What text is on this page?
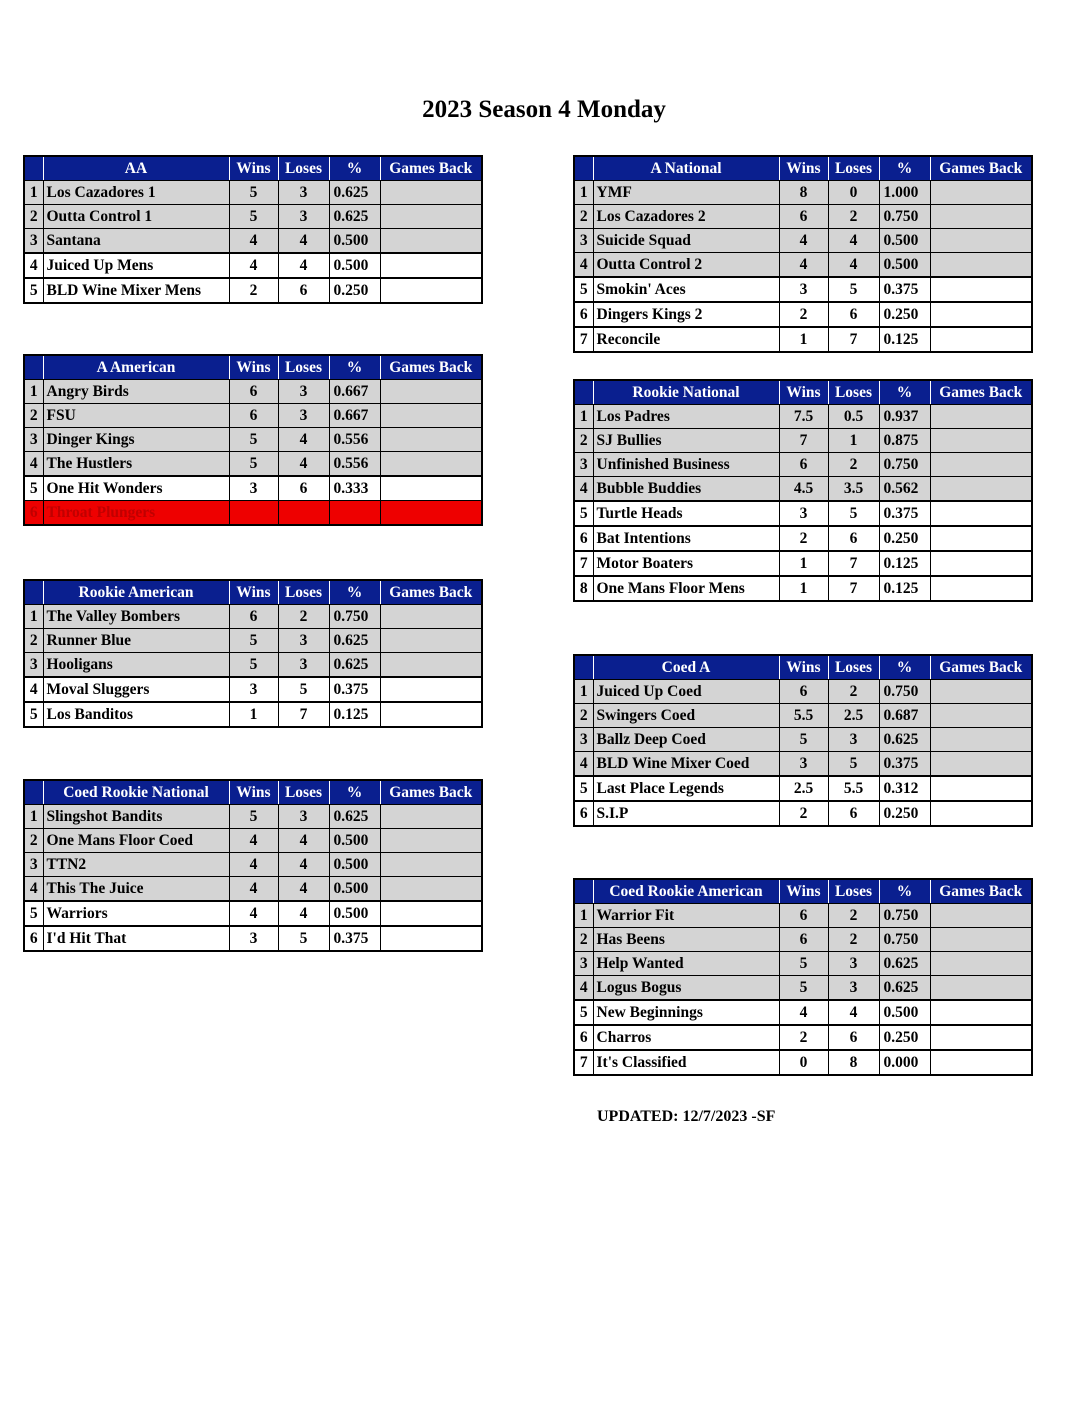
2023 Season 4 Monday
	AA	Wins	Loses	%	Games Back
1	Los Cazadores 1	5	3	0.625	
2	Outta Control 1	5	3	0.625	
3	Santana	4	4	0.500	
4	Juiced Up Mens	4	4	0.500	
5	BLD Wine Mixer Mens	2	6	0.250	
	A American	Wins	Loses	%	Games Back
1	Angry Birds	6	3	0.667	
2	FSU	6	3	0.667	
3	Dinger Kings	5	4	0.556	
4	The Hustlers	5	4	0.556	
5	One Hit Wonders	3	6	0.333	
6	Throat Plungers				
	Rookie American	Wins	Loses	%	Games Back
1	The Valley Bombers	6	2	0.750	
2	Runner Blue	5	3	0.625	
3	Hooligans	5	3	0.625	
4	Moval Sluggers	3	5	0.375	
5	Los Banditos	1	7	0.125	
	Coed Rookie National	Wins	Loses	%	Games Back
1	Slingshot Bandits	5	3	0.625	
2	One Mans Floor Coed	4	4	0.500	
3	TTN2	4	4	0.500	
4	This The Juice	4	4	0.500	
5	Warriors	4	4	0.500	
6	I'd Hit That	3	5	0.375	
	A National	Wins	Loses	%	Games Back
1	YMF	8	0	1.000	
2	Los Cazadores 2	6	2	0.750	
3	Suicide Squad	4	4	0.500	
4	Outta Control 2	4	4	0.500	
5	Smokin' Aces	3	5	0.375	
6	Dingers Kings 2	2	6	0.250	
7	Reconcile	1	7	0.125	
	Rookie National	Wins	Loses	%	Games Back
1	Los Padres	7.5	0.5	0.937	
2	SJ Bullies	7	1	0.875	
3	Unfinished Business	6	2	0.750	
4	Bubble Buddies	4.5	3.5	0.562	
5	Turtle Heads	3	5	0.375	
6	Bat Intentions	2	6	0.250	
7	Motor Boaters	1	7	0.125	
8	One Mans Floor Mens	1	7	0.125	
	Coed A	Wins	Loses	%	Games Back
1	Juiced Up Coed	6	2	0.750	
2	Swingers Coed	5.5	2.5	0.687	
3	Ballz Deep Coed	5	3	0.625	
4	BLD Wine Mixer Coed	3	5	0.375	
5	Last Place Legends	2.5	5.5	0.312	
6	S.I.P	2	6	0.250	
	Coed Rookie American	Wins	Loses	%	Games Back
1	Warrior Fit	6	2	0.750	
2	Has Beens	6	2	0.750	
3	Help Wanted	5	3	0.625	
4	Logus Bogus	5	3	0.625	
5	New Beginnings	4	4	0.500	
6	Charros	2	6	0.250	
7	It's Classified	0	8	0.000	

UPDATED: 12/7/2023 -SF
